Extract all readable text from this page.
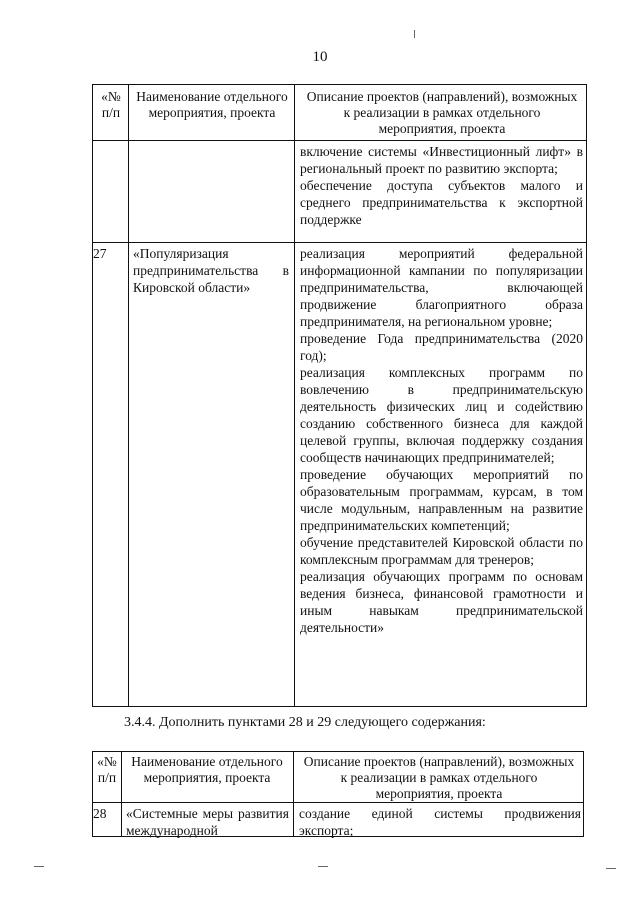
10
«№ п/п
Наименование отдельного мероприятия, проекта
Описание проектов (направлений), возможных к реализации в рамках отдельного мероприятия, проекта

включение системы «Инвестиционный лифт» в региональный проект по развитию экспорта;

обеспечение доступа субъектов малого и среднего предпринимательства к экспортной поддержке

27	«Популяризация предпринимательства в Кировской области»

реализация мероприятий федеральной информационной кампании по популяризации предпринимательства, включающей продвижение благоприятного образа предпринимателя, на региональном уровне;

проведение Года предпринимательства (2020 год);

реализация комплексных программ по вовлечению в предпринимательскую деятельность физических лиц и содействию созданию собственного бизнеса для каждой целевой группы, включая поддержку создания сообществ начинающих предпринимателей;

проведение обучающих мероприятий по образовательным программам, курсам, в том числе модульным, направленным на развитие предпринимательских компетенций;

обучение представителей Кировской области по комплексным программам для тренеров;

реализация обучающих программ по основам ведения бизнеса, финансовой грамотности и иным навыкам предпринимательской деятельности»

3.4.4. Дополнить пунктами 28 и 29 следующего содержания:
«№ п/п
Наименование отдельного мероприятия, проекта
Описание проектов (направлений), возможных к реализации в рамках отдельного мероприятия, проекта
28	«Системные меры развития международной
создание единой системы продвижения экспорта;
